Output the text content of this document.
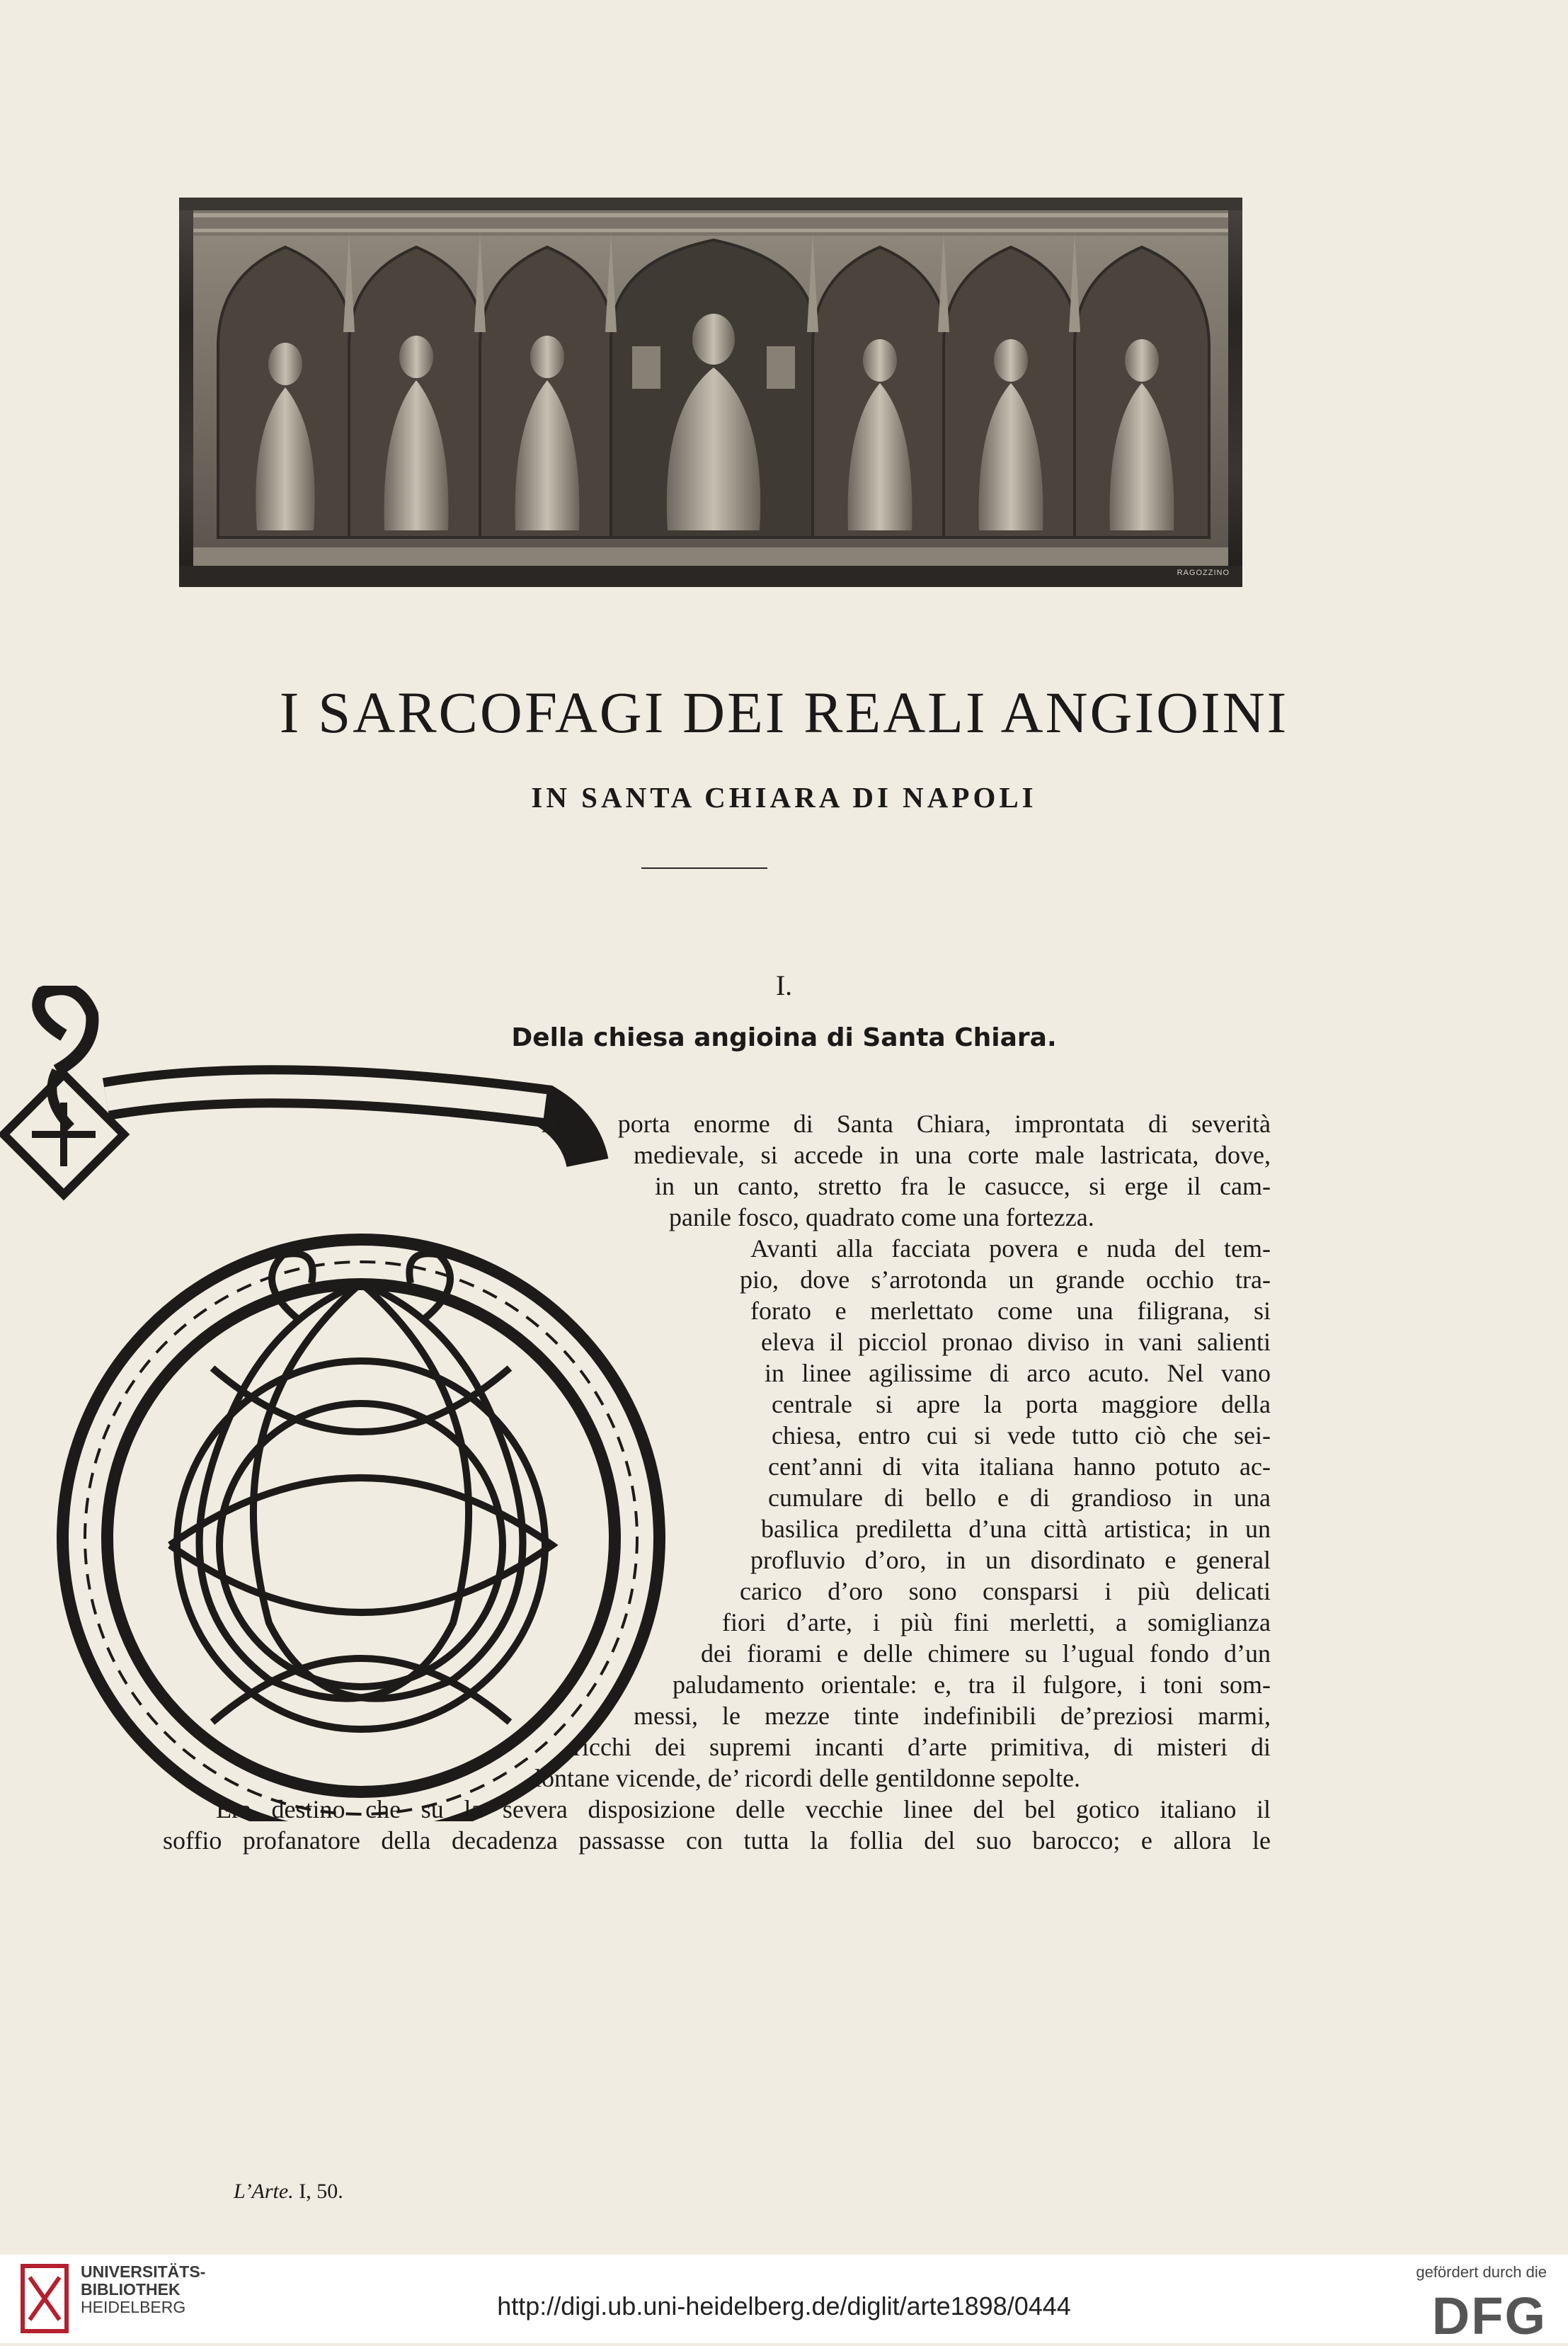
RAGOZZINO
I SARCOFAGI DEI REALI ANGIOINI
IN SANTA CHIARA DI NAPOLI
I.
Della chiesa angioina di Santa Chiara.
alla porta enorme di Santa Chiara, improntata di severità
medievale, si accede in una corte male lastricata, dove,
in un canto, stretto fra le casucce, si erge il cam-
panile fosco, quadrato come una fortezza.
Avanti alla facciata povera e nuda del tem-
pio, dove s’arrotonda un grande occhio tra-
forato e merlettato come una filigrana, si
eleva il picciol pronao diviso in vani salienti
in linee agilissime di arco acuto. Nel vano
centrale si apre la porta maggiore della
chiesa, entro cui si vede tutto ciò che sei-
cent’anni di vita italiana hanno potuto ac-
cumulare di bello e di grandioso in una
basilica prediletta d’una città artistica; in un
profluvio d’oro, in un disordinato e general
carico d’oro sono consparsi i più delicati
fiori d’arte, i più fini merletti, a somiglianza
dei fiorami e delle chimere su l’ugual fondo d’un
paludamento orientale: e, tra il fulgore, i toni som-
messi, le mezze tinte indefinibili de’preziosi marmi,
ricchi dei supremi incanti d’arte primitiva, di misteri di
lontane vicende, de’ ricordi delle gentildonne sepolte.
Era destino che su la severa disposizione delle vecchie linee del bel gotico italiano il
soffio profanatore della decadenza passasse con tutta la follia del suo barocco; e allora le
L’Arte. I, 50.
UNIVERSITÄTS-
BIBLIOTHEK
HEIDELBERG	http://digi.ub.uni-heidelberg.de/diglit/arte1898/0444
gefördert durch die
DFG
